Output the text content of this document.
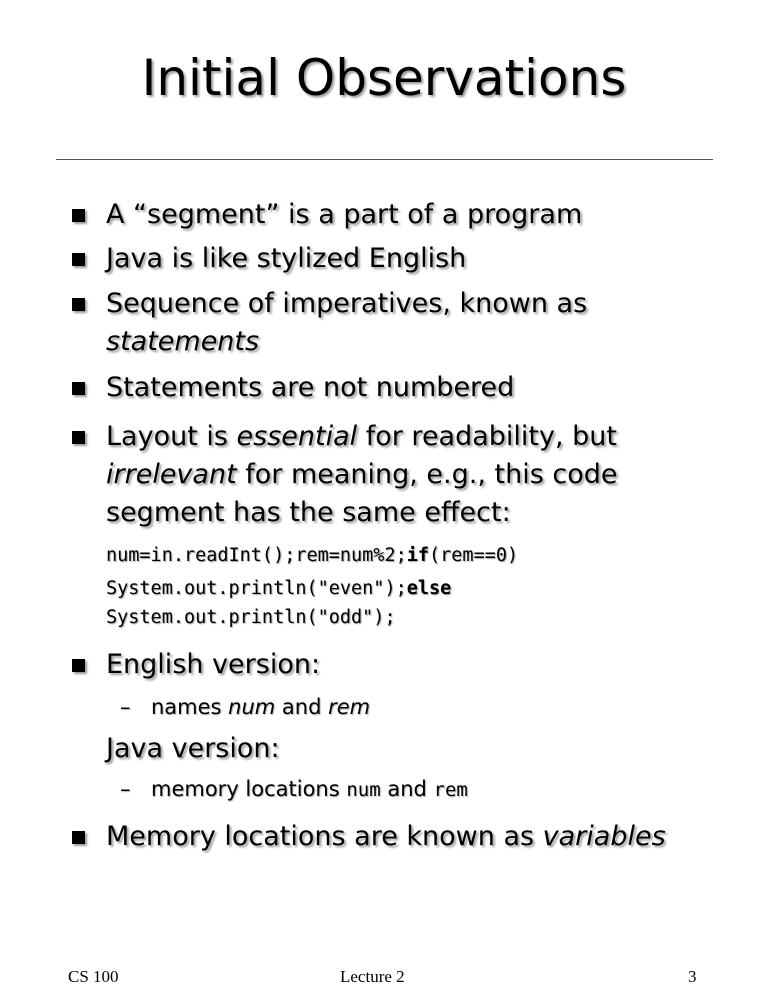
Initial Observations
A “segment” is a part of a program
Java is like stylized English
Sequence of imperatives, known as
statements
Statements are not numbered
Layout is essential for readability, but
irrelevant for meaning, e.g., this code
segment has the same effect:
num=in.readInt();rem=num%2;if(rem==0)
System.out.println("even");else
System.out.println("odd");
English version:
– names num and rem
Java version:
– memory locations num and rem
Memory locations are known as variables
CS 100	Lecture 2	3
